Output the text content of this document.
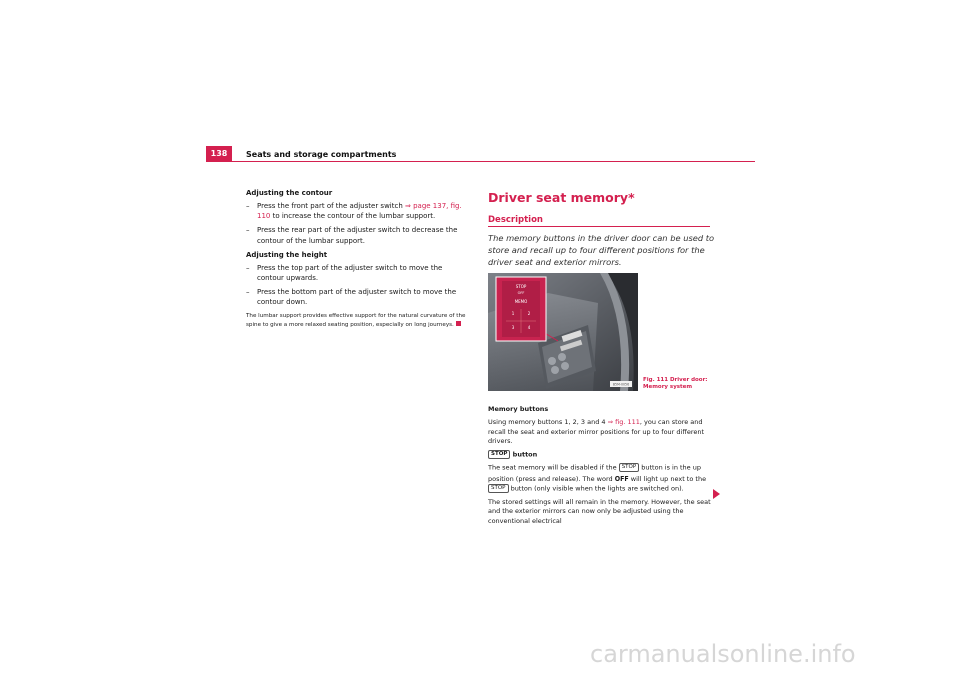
138	Seats and storage compartments

Adjusting the contour

–	Press the front part of the adjuster switch ⇒ page 137, fig. 110 to increase the contour of the lumbar support.
–	Press the rear part of the adjuster switch to decrease the contour of the lumbar support.

Adjusting the height

–	Press the top part of the adjuster switch to move the contour upwards.
–	Press the bottom part of the adjuster switch to move the contour down.
The lumbar support provides effective support for the natural curvature of the spine to give a more relaxed seating position, especially on long journeys.
Driver seat memory*
Description
The memory buttons in the driver door can be used to store and recall up to four different positions for the driver seat and exterior mirrors.
STOP
OFF
MEMO
1	2
3	4
B5M-0056
Fig. 111 Driver door:
Memory system

Memory buttons

Using memory buttons 1, 2, 3 and 4 ⇒ fig. 111, you can store and recall the seat and exterior mirror positions for up to four different drivers.

STOP button

The seat memory will be disabled if the STOP button is in the up position (press and release). The word OFF will light up next to the STOP button (only visible when the lights are switched on).

The stored settings will all remain in the memory. However, the seat and the exterior mirrors can now only be adjusted using the conventional electrical

carmanualsonline.info
